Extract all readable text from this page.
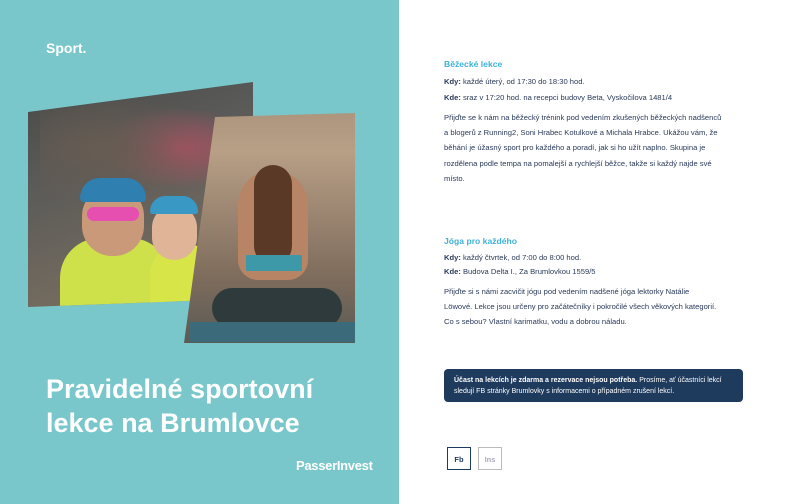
Sport.
Pravidelné sportovní
lekce na Brumlovce
PasserInvest
Běžecké lekce
Kdy: každé úterý, od 17:30 do 18:30 hod.
Kde: sraz v 17:20 hod. na recepci budovy Beta, Vyskočilova 1481/4
Přijďte se k nám na běžecký trénink pod vedením zkušených běžeckých nadšenců
a blogerů z Running2, Soni Hrabec Kotulkové a Michala Hrabce. Ukážou vám, že
běhání je úžasný sport pro každého a poradí, jak si ho užít naplno. Skupina je
rozdělena podle tempa na pomalejší a rychlejší běžce, takže si každý najde své
místo.
Jóga pro každého
Kdy: každý čtvrtek, od 7:00 do 8:00 hod.
Kde: Budova Delta I., Za Brumlovkou 1559/5
Přijďte si s námi zacvičit jógu pod vedením nadšené jóga lektorky Natálie
Löwové. Lekce jsou určeny pro začátečníky i pokročilé všech věkových kategorií.
Co s sebou? Vlastní karimatku, vodu a dobrou náladu.
Účast na lekcích je zdarma a rezervace nejsou potřeba. Prosíme, ať účastníci lekcí
sledují FB stránky Brumlovky s informacemi o případném zrušení lekcí.
Fb	Ins
